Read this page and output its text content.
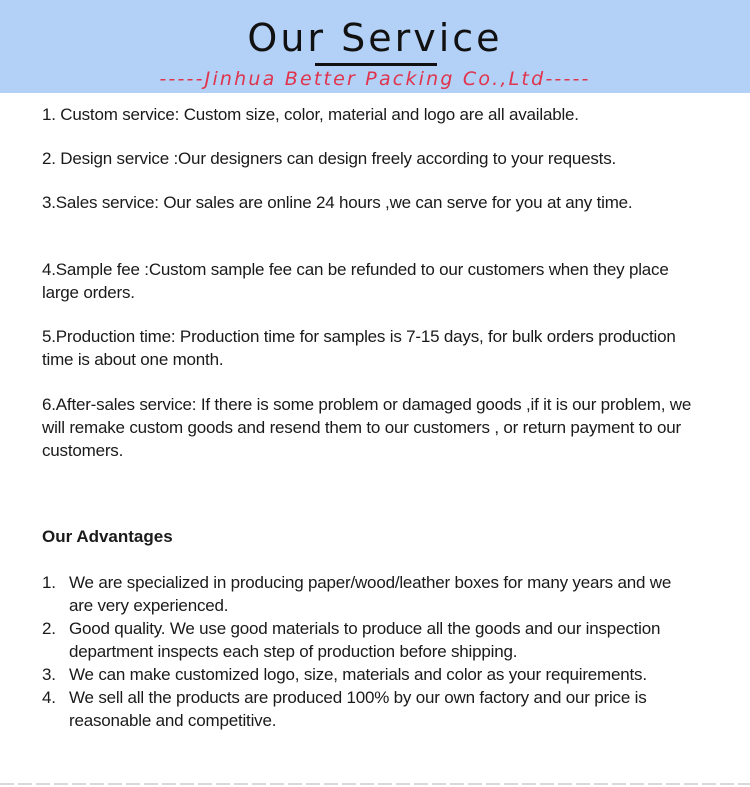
Our Service
-----Jinhua Better Packing Co.,Ltd-----
1. Custom service: Custom size, color, material and logo are all available.
2. Design service :Our designers can design freely according to your requests.
3.Sales service: Our sales are online 24 hours ,we can serve for you at any time.
4.Sample fee :Custom sample fee can be refunded to our customers when they place large orders.
5.Production time: Production time for samples is 7-15 days, for bulk orders production time is about one month.
6.After-sales service: If there is some problem or damaged goods ,if it is our problem, we will remake custom goods and resend them to our customers , or return payment to our customers.
Our Advantages
1. We are specialized in producing paper/wood/leather boxes for many years and we are very experienced.
2. Good quality. We use good materials to produce all the goods and our inspection department inspects each step of production before shipping.
3. We can make customized logo, size, materials and color as your requirements.
4. We sell all the products are produced 100% by our own factory and our price is reasonable and competitive.
